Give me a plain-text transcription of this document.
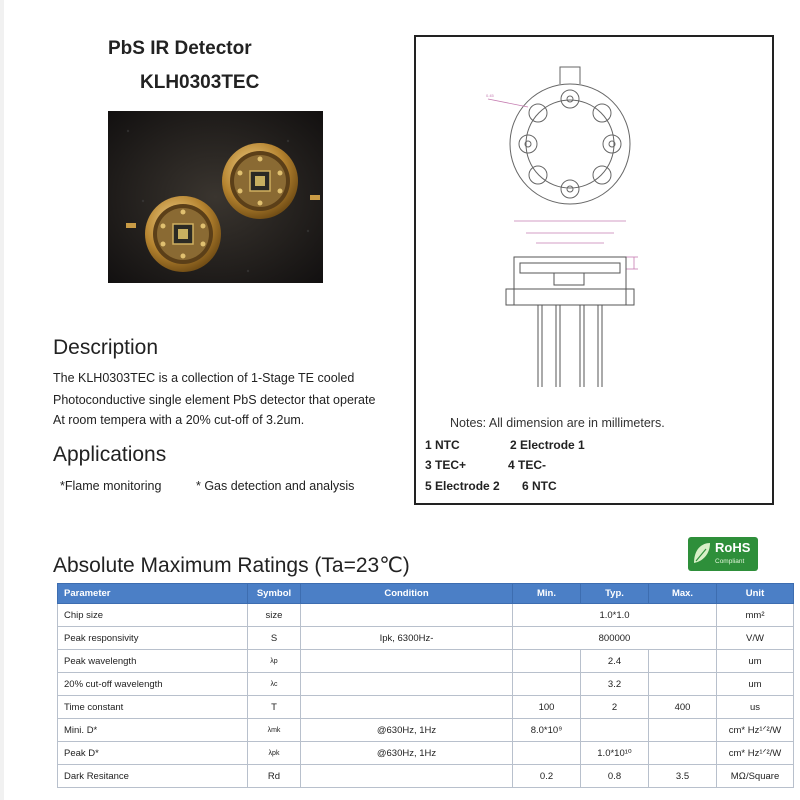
PbS IR Detector
KLH0303TEC
Description
The KLH0303TEC is a collection of 1-Stage TE cooled
Photoconductive single element PbS detector that operate
At room tempera with a 20% cut-off of 3.2um.
Applications
*Flame monitoring	* Gas detection and analysis
0.45
Notes: All dimension are in millimeters.
1 NTC	2 Electrode 1
3 TEC+	4 TEC-
5 Electrode 2 6 NTC
Absolute Maximum Ratings (Ta=23℃)
RoHS
Compliant
Parameter	Symbol	Condition	Min.	Typ.	Max.	Unit
Chip size	size		1.0*1.0			mm²
Peak responsivity	S	Ipk, 6300Hz-	800000			V/W
Peak wavelength	λp			2.4		um
20% cut-off wavelength	λc			3.2		um
Time constant	T		100	2	400	us
Mini. D*	λmk	@630Hz, 1Hz	8.0*10⁹			cm* Hz¹ᐟ²/W
Peak D*	λpk	@630Hz, 1Hz		1.0*10¹⁰		cm* Hz¹ᐟ²/W
Dark Resitance	Rd		0.2	0.8	3.5	MΩ/Square
